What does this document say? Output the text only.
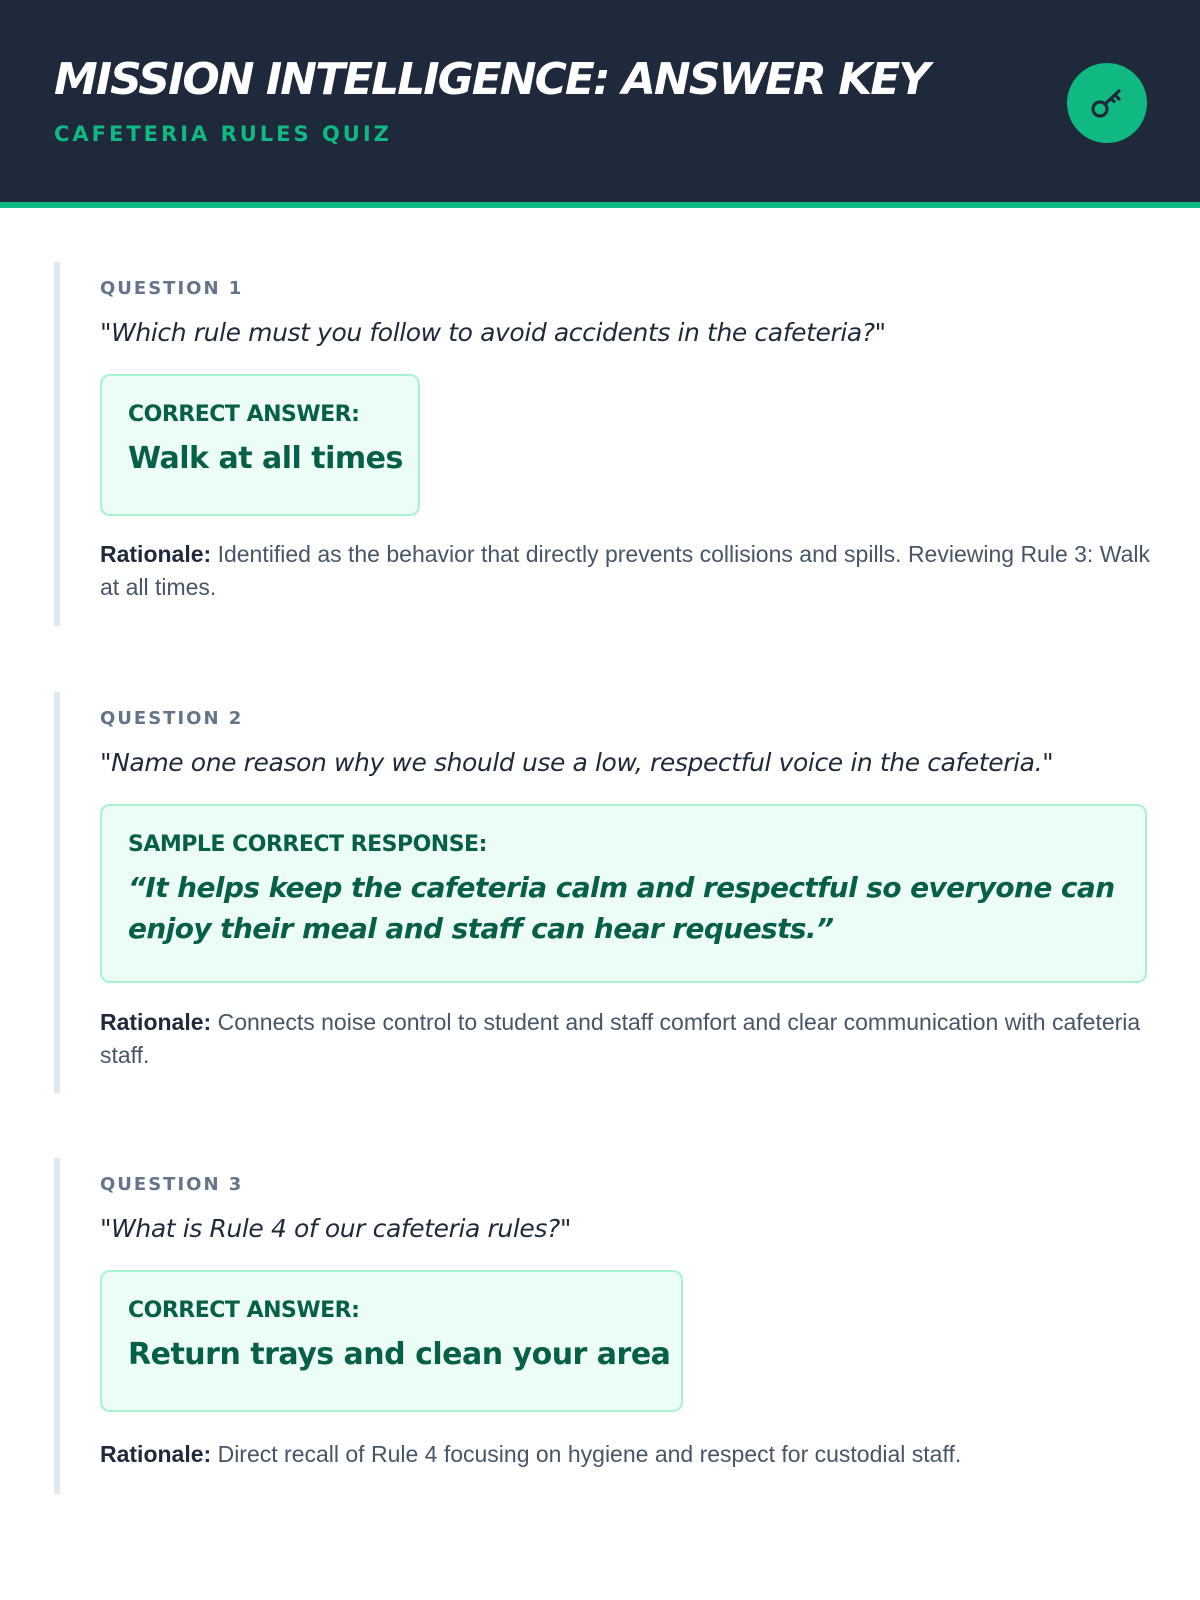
MISSION INTELLIGENCE: ANSWER KEY
CAFETERIA RULES QUIZ
QUESTION 1
"Which rule must you follow to avoid accidents in the cafeteria?"
CORRECT ANSWER:
Walk at all times

Rationale: Identified as the behavior that directly prevents collisions and spills. Reviewing Rule 3: Walk at all times.

QUESTION 2
"Name one reason why we should use a low, respectful voice in the cafeteria."
SAMPLE CORRECT RESPONSE:
“It helps keep the cafeteria calm and respectful so everyone can enjoy their meal and staff can hear requests.”

Rationale: Connects noise control to student and staff comfort and clear communication with cafeteria staff.

QUESTION 3
"What is Rule 4 of our cafeteria rules?"
CORRECT ANSWER:
Return trays and clean your area

Rationale: Direct recall of Rule 4 focusing on hygiene and respect for custodial staff.
